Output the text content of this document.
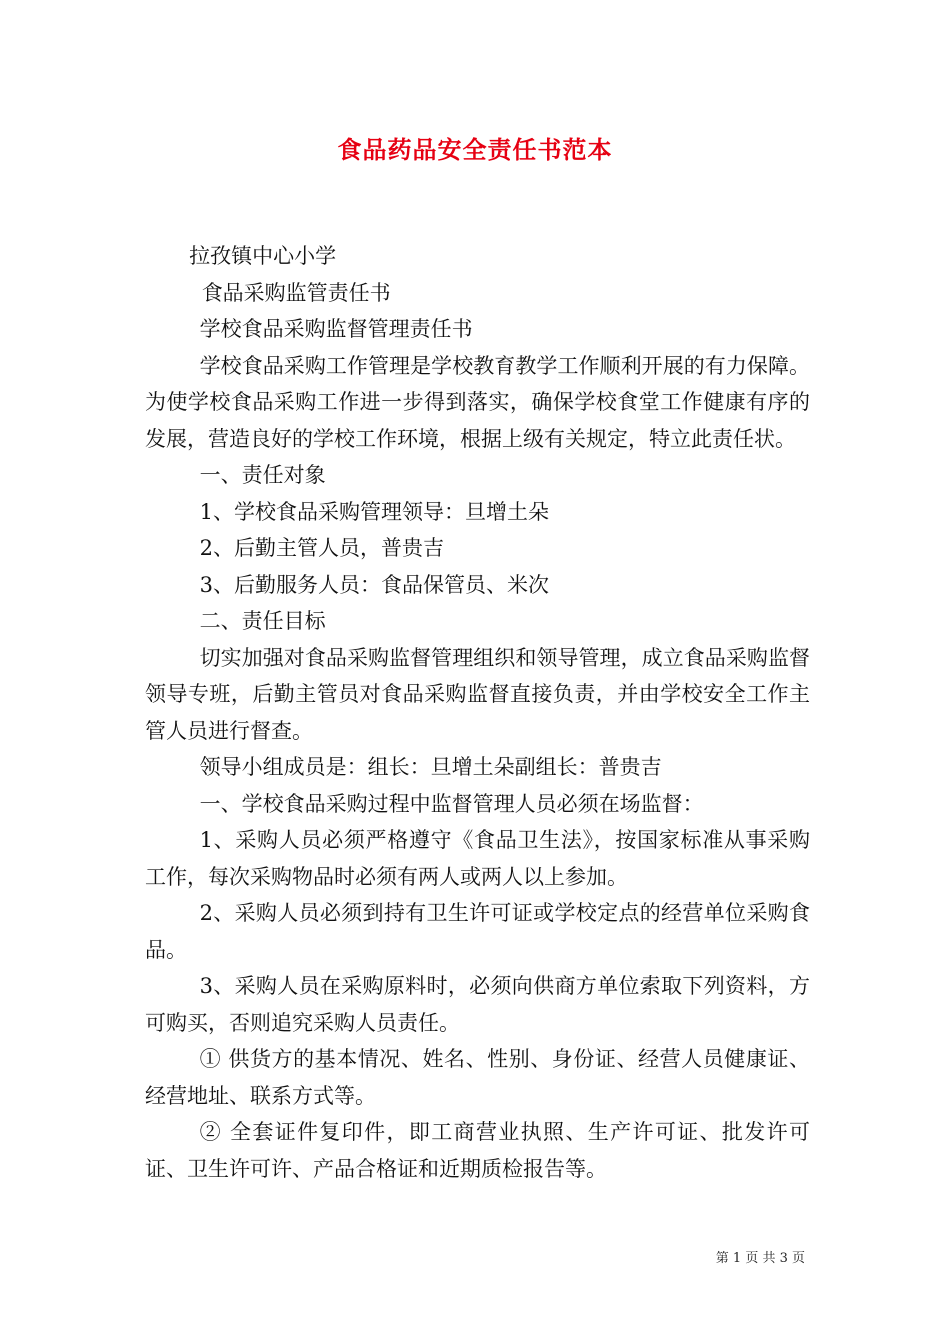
食品药品安全责任书范本

拉孜镇中心小学

食品采购监管责任书

学校食品采购监督管理责任书

学校食品采购工作管理是学校教育教学工作顺利开展的有力保障。为使学校食品采购工作进一步得到落实，确保学校食堂工作健康有序的发展，营造良好的学校工作环境，根据上级有关规定，特立此责任状。

一、责任对象

1、学校食品采购管理领导：旦增土朵

2、后勤主管人员，普贵吉

3、后勤服务人员：食品保管员、米次

二、责任目标

切实加强对食品采购监督管理组织和领导管理，成立食品采购监督领导专班，后勤主管员对食品采购监督直接负责，并由学校安全工作主管人员进行督查。

领导小组成员是：组长：旦增土朵副组长：普贵吉

一、学校食品采购过程中监督管理人员必须在场监督：

1、采购人员必须严格遵守《食品卫生法》，按国家标准从事采购工作，每次采购物品时必须有两人或两人以上参加。

2、采购人员必须到持有卫生许可证或学校定点的经营单位采购食品。

3、采购人员在采购原料时，必须向供商方单位索取下列资料，方可购买，否则追究采购人员责任。

① 供货方的基本情况、姓名、性别、身份证、经营人员健康证、经营地址、联系方式等。

② 全套证件复印件，即工商营业执照、生产许可证、批发许可证、卫生许可许、产品合格证和近期质检报告等。

第 1 页 共 3 页
